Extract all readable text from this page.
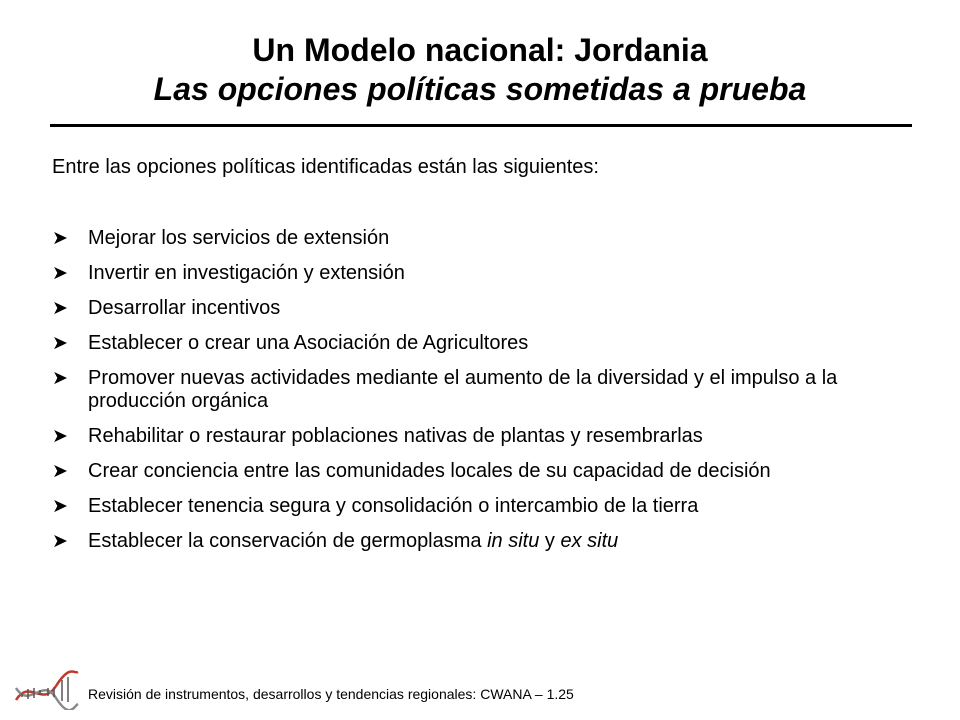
Un Modelo nacional: Jordania

Las opciones políticas sometidas a prueba

Entre las opciones políticas identificadas están las siguientes:

➤ Mejorar los servicios de extensión
➤ Invertir en investigación y extensión
➤ Desarrollar incentivos
➤ Establecer o crear una Asociación de Agricultores
➤ Promover nuevas actividades mediante el aumento de la diversidad y el impulso a la producción orgánica
➤ Rehabilitar o restaurar poblaciones nativas de plantas y resembrarlas
➤ Crear conciencia entre las comunidades locales de su capacidad de decisión
➤ Establecer tenencia segura y consolidación o intercambio de la tierra
➤ Establecer la conservación de germoplasma in situ y ex situ
Revisión de instrumentos, desarrollos y tendencias regionales: CWANA – 1.25
